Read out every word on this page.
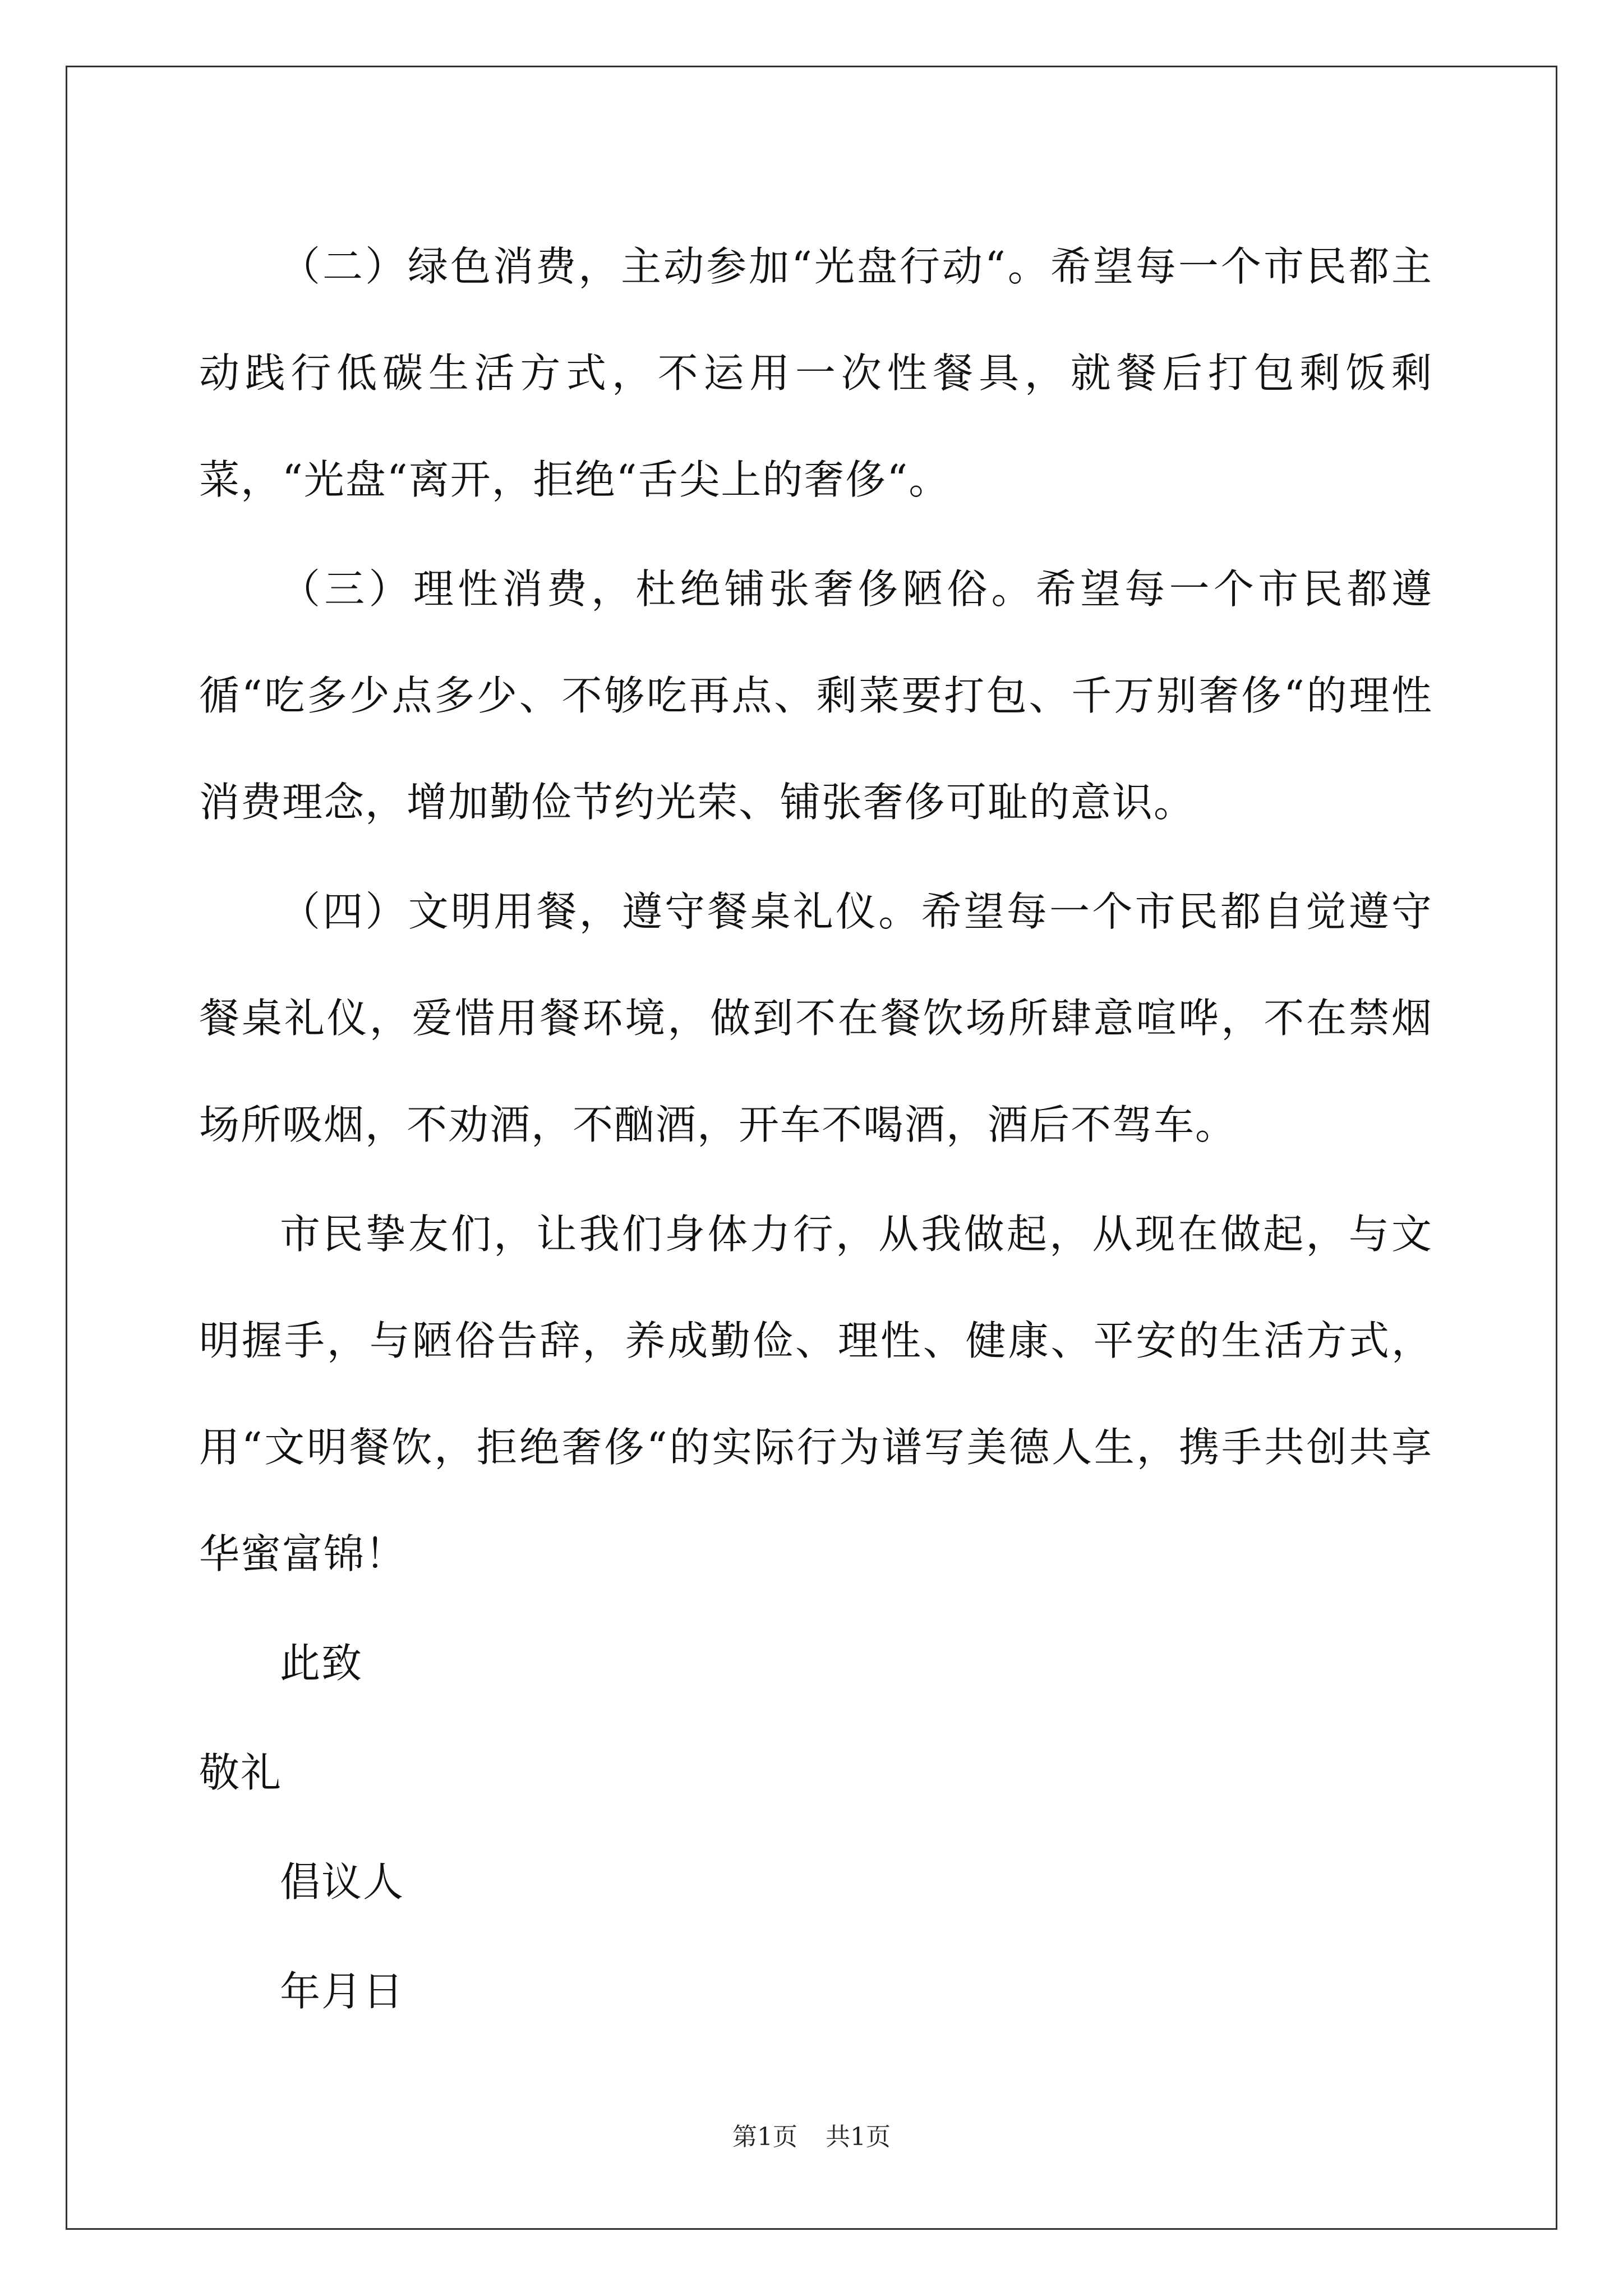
（二）绿色消费，主动参加“光盘行动“。希望每一个市民都主动践行低碳生活方式，不运用一次性餐具，就餐后打包剩饭剩菜，“光盘“离开，拒绝“舌尖上的奢侈“。

（三）理性消费，杜绝铺张奢侈陋俗。希望每一个市民都遵循“吃多少点多少、不够吃再点、剩菜要打包、千万别奢侈“的理性消费理念，增加勤俭节约光荣、铺张奢侈可耻的意识。

（四）文明用餐，遵守餐桌礼仪。希望每一个市民都自觉遵守餐桌礼仪，爱惜用餐环境，做到不在餐饮场所肆意喧哗，不在禁烟场所吸烟，不劝酒，不酗酒，开车不喝酒，酒后不驾车。

市民挚友们，让我们身体力行，从我做起，从现在做起，与文明握手，与陋俗告辞，养成勤俭、理性、健康、平安的生活方式，用“文明餐饮，拒绝奢侈“的实际行为谱写美德人生，携手共创共享华蜜富锦！

此致
敬礼
倡议人
年月日
第1页 共1页
